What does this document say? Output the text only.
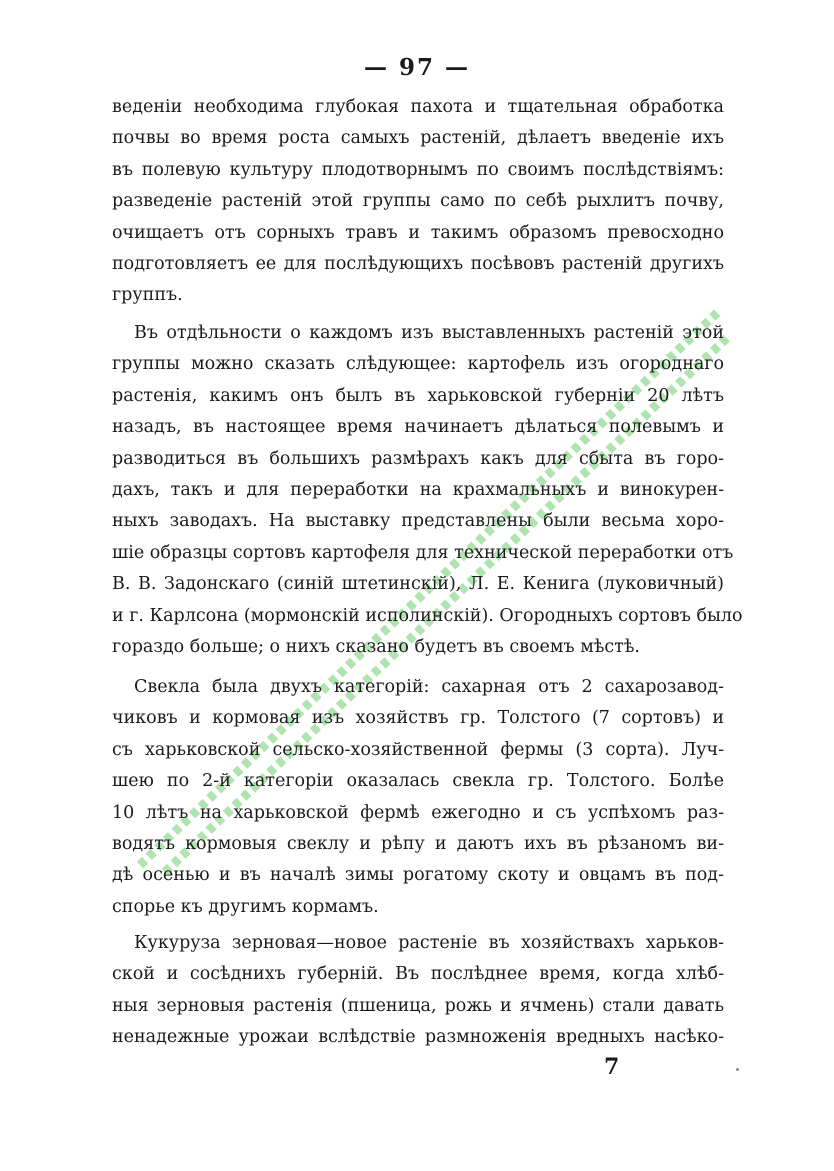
— 97 —
веденіи необходима глубокая пахота и тщательная обработка
почвы во время роста самыхъ растеній, дѣлаетъ введеніе ихъ
въ полевую культуру плодотворнымъ по своимъ послѣдствіямъ:
разведеніе растеній этой группы само по себѣ рыхлитъ почву,
очищаетъ отъ сорныхъ травъ и такимъ образомъ превосходно
подготовляетъ ее для послѣдующихъ посѣвовъ растеній другихъ
группъ.
Въ отдѣльности о каждомъ изъ выставленныхъ растеній этой
группы можно сказать слѣдующее: картофель изъ огороднаго
растенія, какимъ онъ былъ въ харьковской губерніи 20 лѣтъ
назадъ, въ настоящее время начинаетъ дѣлаться полевымъ и
разводиться въ большихъ размѣрахъ какъ для сбыта въ горо-
дахъ, такъ и для переработки на крахмальныхъ и винокурен-
ныхъ заводахъ. На выставку представлены были весьма хоро-
шіе образцы сортовъ картофеля для технической переработки отъ
В. В. Задонскаго (синій штетинскій), Л. Е. Кенига (луковичный)
и г. Карлсона (мормонскій исполинскій). Огородныхъ сортовъ было
гораздо больше; о нихъ сказано будетъ въ своемъ мѣстѣ.
Свекла была двухъ категорій: сахарная отъ 2 сахарозавод-
чиковъ и кормовая изъ хозяйствъ гр. Толстого (7 сортовъ) и
съ харьковской сельско-хозяйственной фермы (3 сорта). Луч-
шею по 2-й категоріи оказалась свекла гр. Толстого. Болѣе
10 лѣтъ на харьковской фермѣ ежегодно и съ успѣхомъ раз-
водятъ кормовыя свеклу и рѣпу и даютъ ихъ въ рѣзаномъ ви-
дѣ осенью и въ началѣ зимы рогатому скоту и овцамъ въ под-
спорье къ другимъ кормамъ.
Кукуруза зерновая—новое растеніе въ хозяйствахъ харьков-
ской и сосѣднихъ губерній. Въ послѣднее время, когда хлѣб-
ныя зерновыя растенія (пшеница, рожь и ячмень) стали давать
ненадежные урожаи вслѣдствіе размноженія вредныхъ насѣко-
7
